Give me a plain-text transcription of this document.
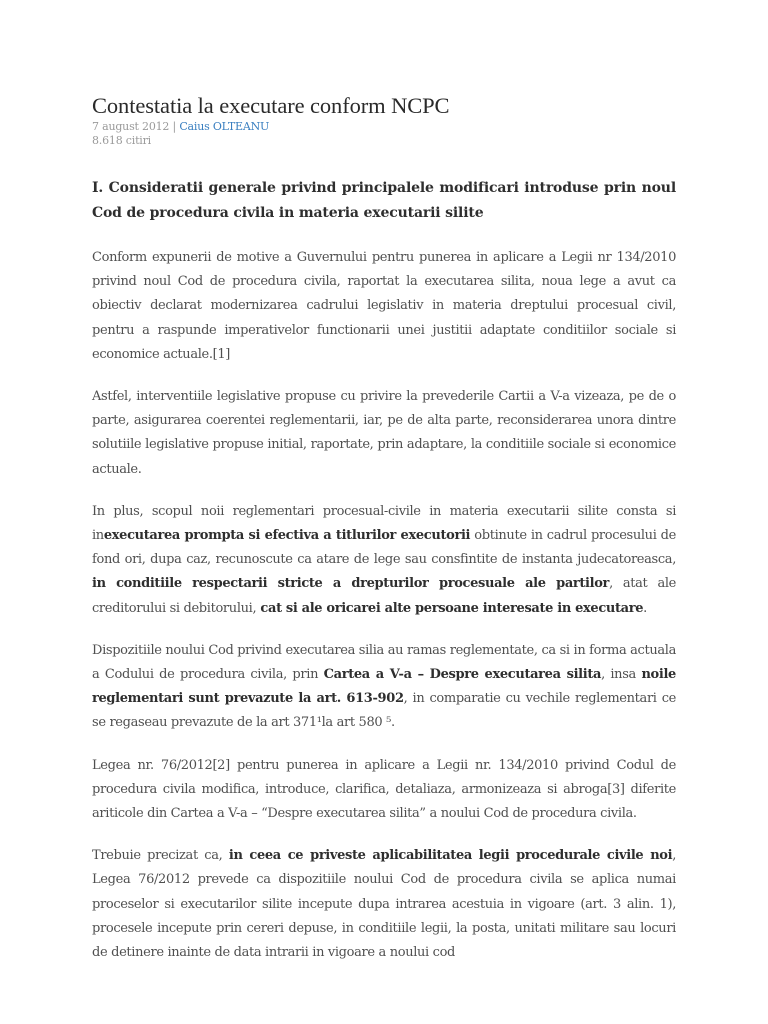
Contestatia la executare conform NCPC
7 august 2012 | Caius OLTEANU
8.618 citiri
I. Consideratii generale privind principalele modificari introduse prin noul Cod de procedura civila in materia executarii silite

Conform expunerii de motive a Guvernului pentru punerea in aplicare a Legii nr 134/2010 privind noul Cod de procedura civila, raportat la executarea silita, noua lege a avut ca obiectiv declarat modernizarea cadrului legislativ in materia dreptului procesual civil, pentru a raspunde imperativelor functionarii unei justitii adaptate conditiilor sociale si economice actuale.[1]

Astfel, interventiile legislative propuse cu privire la prevederile Cartii a V-a vizeaza, pe de o parte, asigurarea coerentei reglementarii, iar, pe de alta parte, reconsiderarea unora dintre solutiile legislative propuse initial, raportate, prin adaptare, la conditiile sociale si economice actuale.

In plus, scopul noii reglementari procesual-civile in materia executarii silite consta si inexecutarea prompta si efectiva a titlurilor executorii obtinute in cadrul procesului de fond ori, dupa caz, recunoscute ca atare de lege sau consfintite de instanta judecatoreasca, in conditiile respectarii stricte a drepturilor procesuale ale partilor, atat ale creditorului si debitorului, cat si ale oricarei alte persoane interesate in executare.

Dispozitiile noului Cod privind executarea silia au ramas reglementate, ca si in forma actuala a Codului de procedura civila, prin Cartea a V-a – Despre executarea silita, insa noile reglementari sunt prevazute la art. 613-902, in comparatie cu vechile reglementari ce se regaseau prevazute de la art 371¹la art 580 ⁵.

Legea nr. 76/2012[2] pentru punerea in aplicare a Legii nr. 134/2010 privind Codul de procedura civila modifica, introduce, clarifica, detaliaza, armonizeaza si abroga[3] diferite ariticole din Cartea a V-a – “Despre executarea silita” a noului Cod de procedura civila.

Trebuie precizat ca, in ceea ce priveste aplicabilitatea legii procedurale civile noi, Legea 76/2012 prevede ca dispozitiile noului Cod de procedura civila se aplica numai proceselor si executarilor silite incepute dupa intrarea acestuia in vigoare (art. 3 alin. 1), procesele incepute prin cereri depuse, in conditiile legii, la posta, unitati militare sau locuri de detinere inainte de data intrarii in vigoare a noului cod
